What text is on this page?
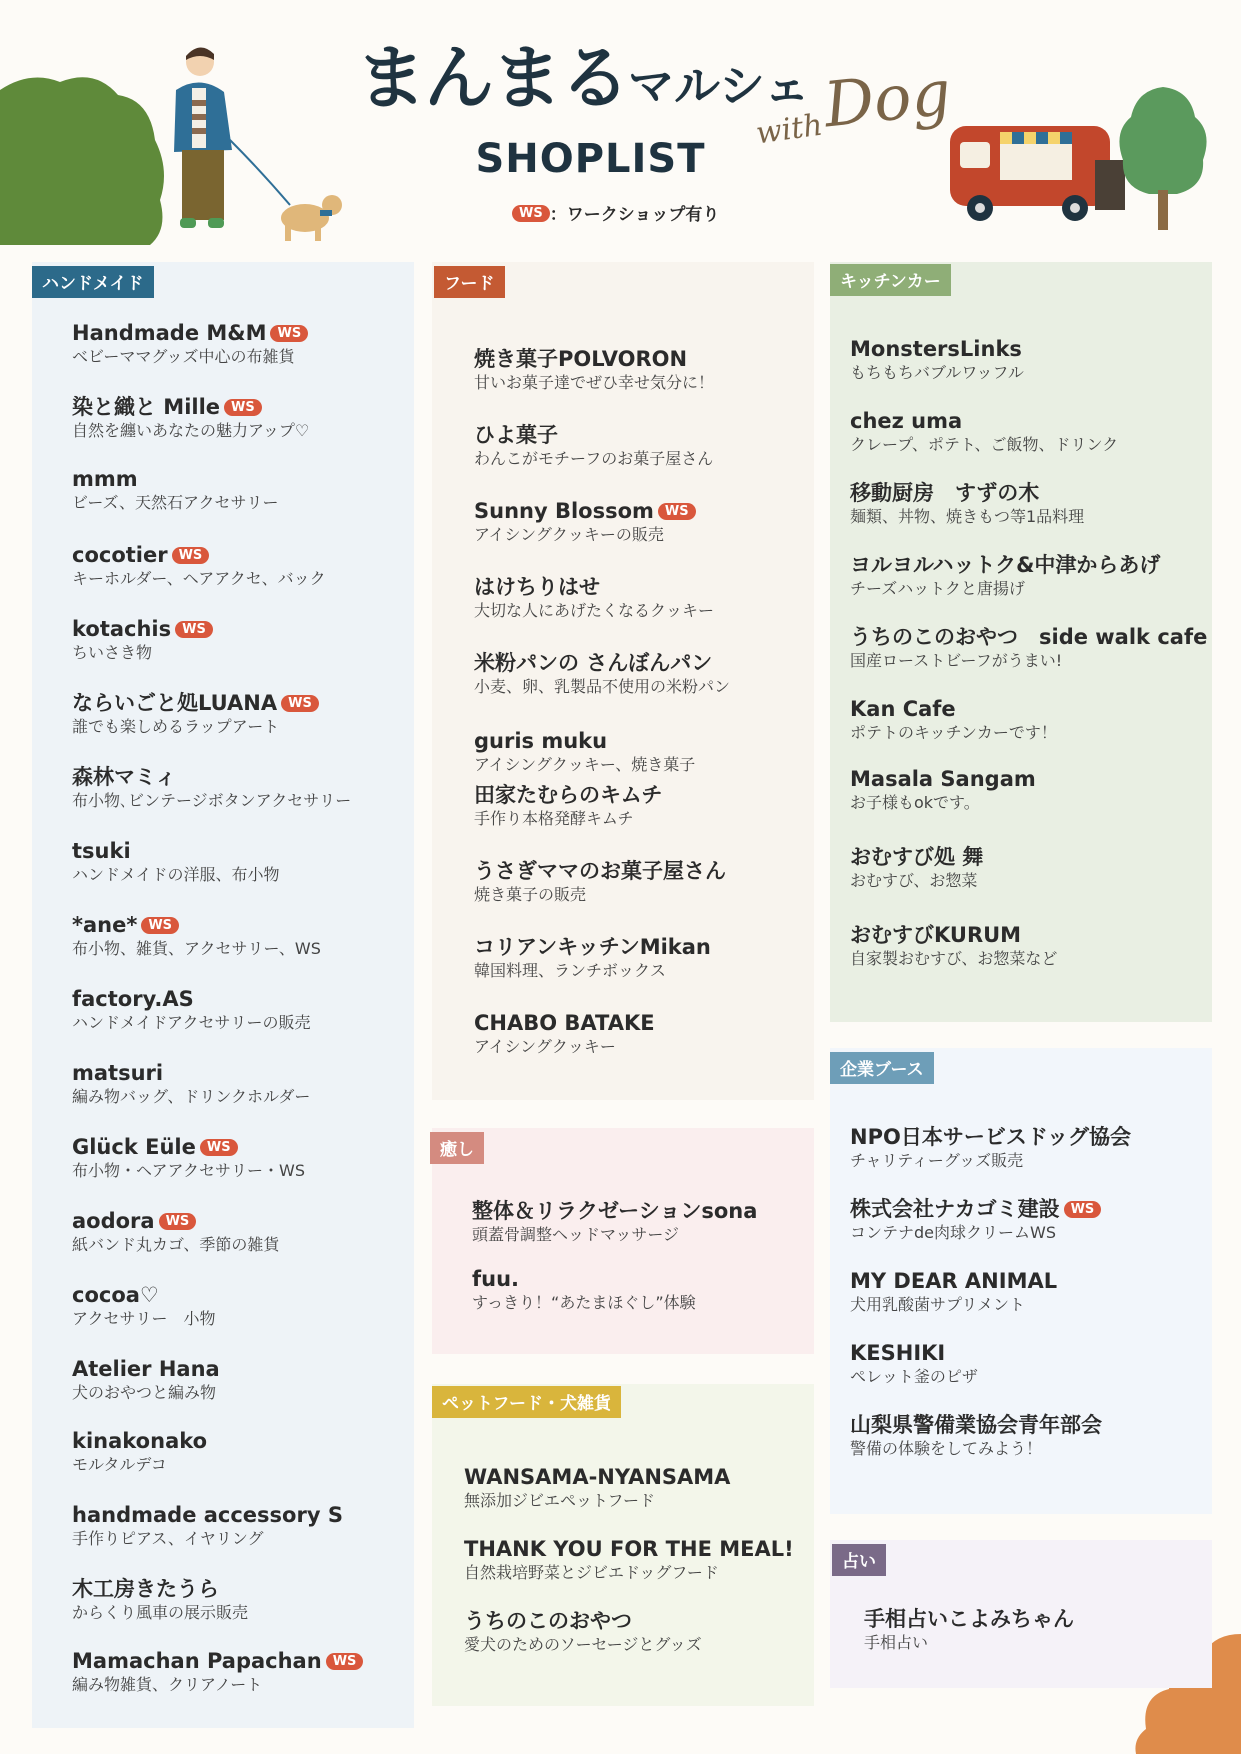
まんまるマルシェ
with
Dog
SHOPLIST
WS ：ワークショップ有り
ハンドメイド	フード	キッチンカー
企業ブース
癒し
ペットフード・犬雑貨
占い
Handmade M&M WS
ベビーママグッズ中心の布雑貨
染と織と Mille WS
自然を纏いあなたの魅力アップ♡
mmm
ビーズ、天然石アクセサリー
cocotier WS
キーホルダー、ヘアアクセ、バック
kotachis WS
ちいさき物
ならいごと処LUANA WS
誰でも楽しめるラップアート
森林マミィ
布小物､ビンテージボタンアクセサリー
tsuki
ハンドメイドの洋服、布小物
*ane* WS
布小物、雑貨、アクセサリー、WS
factory.AS
ハンドメイドアクセサリーの販売
matsuri
編み物バッグ、ドリンクホルダー
Glück Eüle WS
布小物・ヘアアクセサリー・WS
aodora WS
紙バンド丸カゴ、季節の雑貨
cocoa♡
アクセサリー　小物
Atelier Hana
犬のおやつと編み物
kinakonako
モルタルデコ
handmade accessory S
手作りピアス、イヤリング
木工房きたうら
からくり風車の展示販売
Mamachan Papachan WS
編み物雑貨、クリアノート
焼き菓子POLVORON
甘いお菓子達でぜひ幸せ気分に！
ひよ菓子
わんこがモチーフのお菓子屋さん
Sunny Blossom WS
アイシングクッキーの販売
はけちりはせ
大切な人にあげたくなるクッキー
米粉パンの さんぼんパン
小麦、卵、乳製品不使用の米粉パン
guris muku
アイシングクッキー、焼き菓子
田家たむらのキムチ
手作り本格発酵キムチ
うさぎママのお菓子屋さん
焼き菓子の販売
コリアンキッチンMikan
韓国料理、ランチボックス
CHABO BATAKE
アイシングクッキー
MonstersLinks
もちもちバブルワッフル
chez uma
クレープ、ポテト、ご飯物、ドリンク
移動厨房　すずの木
麺類、丼物、焼きもつ等1品料理
ヨルヨルハットク&中津からあげ
チーズハットクと唐揚げ
うちのこのおやつ　side walk cafe
国産ローストビーフがうまい!
Kan Cafe
ポテトのキッチンカーです！
Masala Sangam
お子様もokです。
おむすび処 舞
おむすび、お惣菜
おむすびKURUM
自家製おむすび、お惣菜など
NPO日本サービスドッグ協会
チャリティーグッズ販売
株式会社ナカゴミ建設 WS
コンテナde肉球クリームWS
MY DEAR ANIMAL
犬用乳酸菌サプリメント
KESHIKI
ペレット釜のピザ
山梨県警備業協会青年部会
警備の体験をしてみよう！
整体＆リラクゼーションsona
頭蓋骨調整ヘッドマッサージ
fuu.
すっきり！“あたまほぐし”体験
WANSAMA-NYANSAMA
無添加ジビエペットフード
THANK YOU FOR THE MEAL!
自然栽培野菜とジビエドッグフード
うちのこのおやつ
愛犬のためのソーセージとグッズ
手相占いこよみちゃん
手相占い
